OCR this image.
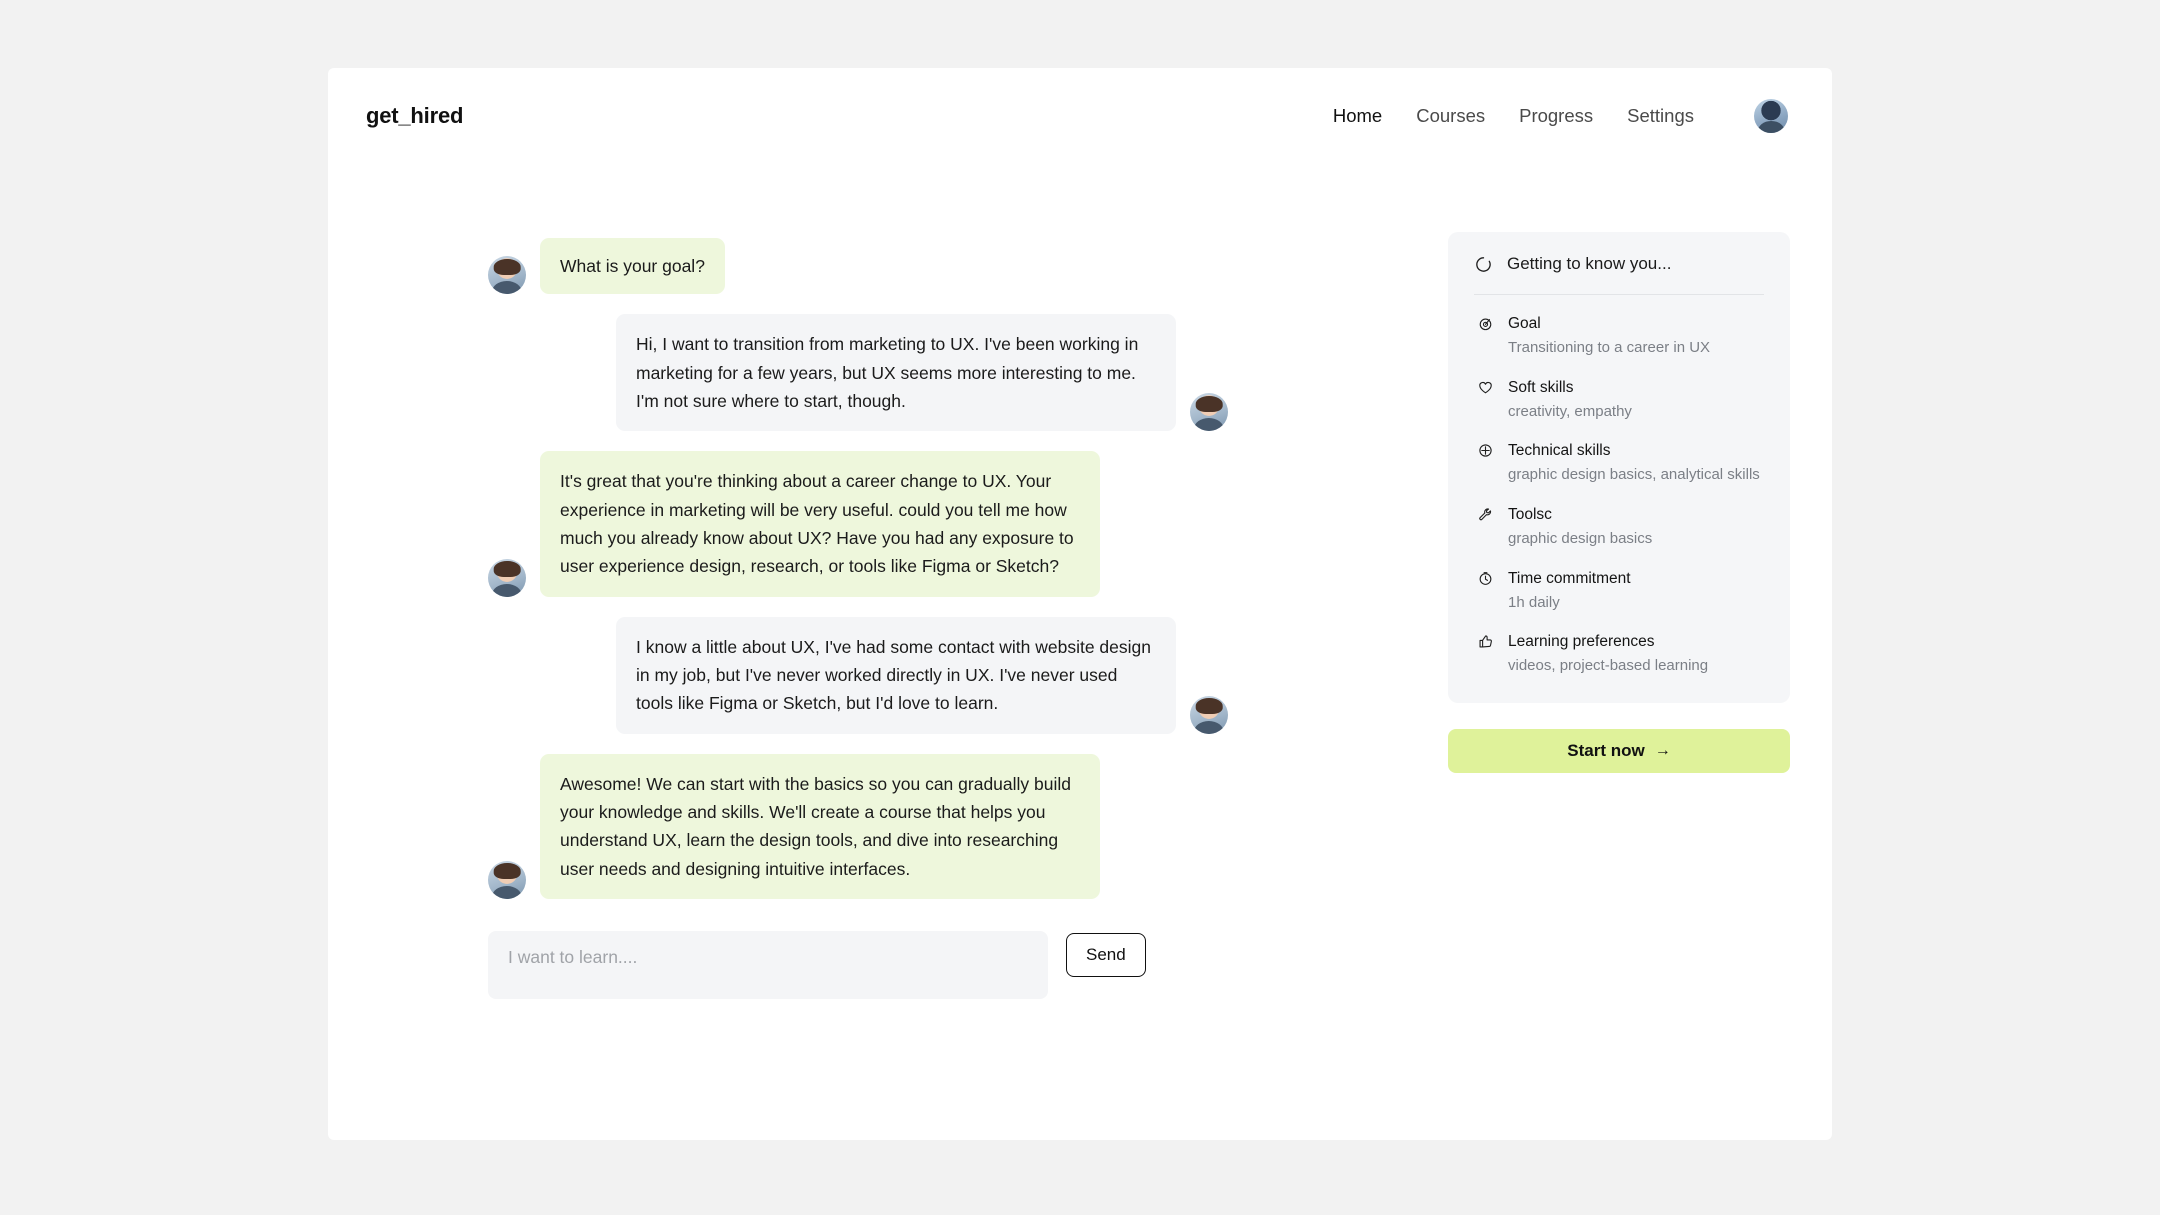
get_hired	Home Courses Progress Settings
What is your goal?
Hi, I want to transition from marketing to UX. I've been working in marketing for a few years, but UX seems more interesting to me. I'm not sure where to start, though.
It's great that you're thinking about a career change to UX. Your experience in marketing will be very useful. could you tell me how much you already know about UX? Have you had any exposure to user experience design, research, or tools like Figma or Sketch?
I know a little about UX, I've had some contact with website design in my job, but I've never worked directly in UX. I've never used tools like Figma or Sketch, but I'd love to learn.
Awesome! We can start with the basics so you can gradually build your knowledge and skills. We'll create a course that helps you understand UX, learn the design tools, and dive into researching user needs and designing intuitive interfaces.
I want to learn....
Send
Getting to know you...
Goal
Transitioning to a career in UX
Soft skills
creativity, empathy
Technical skills
graphic design basics, analytical skills
Toolsc
graphic design basics
Time commitment
1h daily
Learning preferences
videos, project-based learning
Start now →
